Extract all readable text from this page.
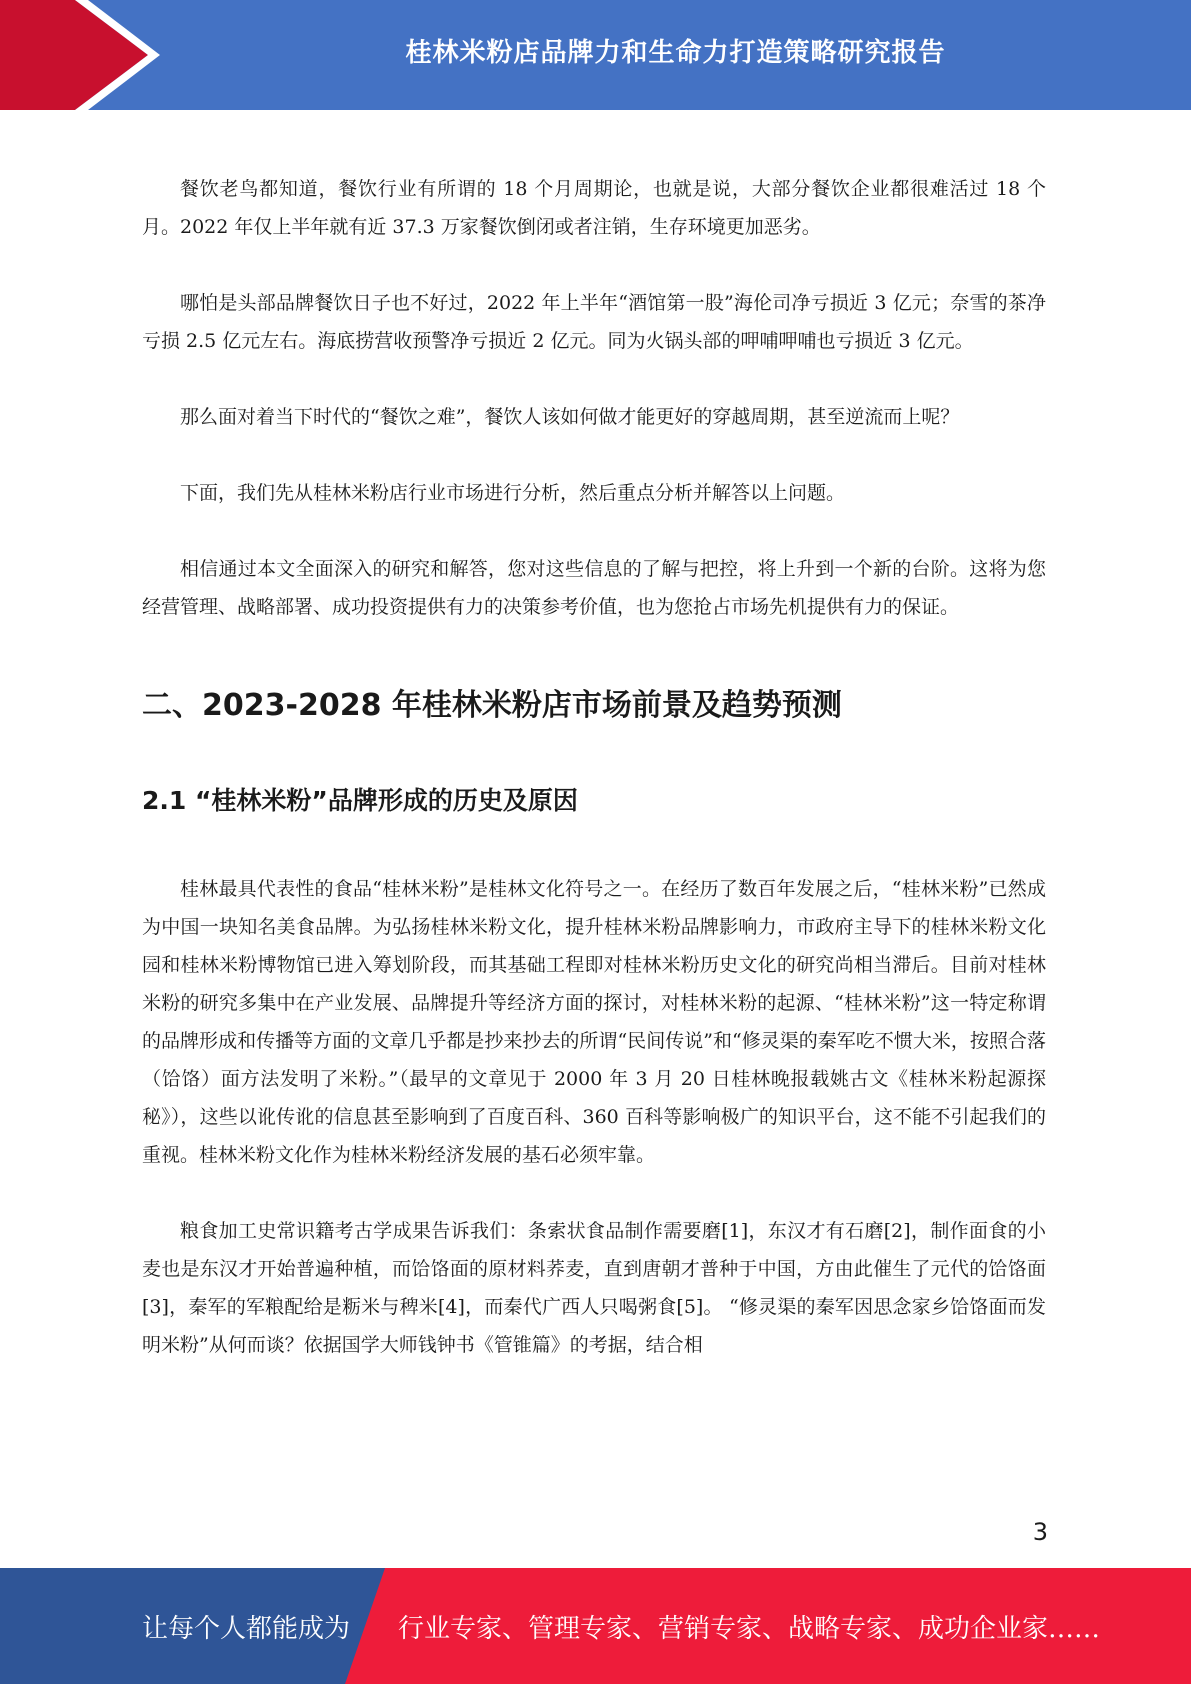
桂林米粉店品牌力和生命力打造策略研究报告

餐饮老鸟都知道，餐饮行业有所谓的 18 个月周期论，也就是说，大部分餐饮企业都很难活过 18 个月。2022 年仅上半年就有近 37.3 万家餐饮倒闭或者注销，生存环境更加恶劣。

哪怕是头部品牌餐饮日子也不好过，2022 年上半年“酒馆第一股”海伦司净亏损近 3 亿元；奈雪的茶净亏损 2.5 亿元左右。海底捞营收预警净亏损近 2 亿元。同为火锅头部的呷哺呷哺也亏损近 3 亿元。

那么面对着当下时代的“餐饮之难”，餐饮人该如何做才能更好的穿越周期，甚至逆流而上呢？

下面，我们先从桂林米粉店行业市场进行分析，然后重点分析并解答以上问题。

相信通过本文全面深入的研究和解答，您对这些信息的了解与把控，将上升到一个新的台阶。这将为您经营管理、战略部署、成功投资提供有力的决策参考价值，也为您抢占市场先机提供有力的保证。

二、2023-2028 年桂林米粉店市场前景及趋势预测
2.1 “桂林米粉”品牌形成的历史及原因

桂林最具代表性的食品“桂林米粉”是桂林文化符号之一。在经历了数百年发展之后，“桂林米粉”已然成为中国一块知名美食品牌。为弘扬桂林米粉文化，提升桂林米粉品牌影响力，市政府主导下的桂林米粉文化园和桂林米粉博物馆已进入筹划阶段，而其基础工程即对桂林米粉历史文化的研究尚相当滞后。目前对桂林米粉的研究多集中在产业发展、品牌提升等经济方面的探讨，对桂林米粉的起源、“桂林米粉”这一特定称谓的品牌形成和传播等方面的文章几乎都是抄来抄去的所谓“民间传说”和“修灵渠的秦军吃不惯大米，按照合落（饸饹）面方法发明了米粉。”（最早的文章见于 2000 年 3 月 20 日桂林晚报载姚古文《桂林米粉起源探秘》），这些以讹传讹的信息甚至影响到了百度百科、360 百科等影响极广的知识平台，这不能不引起我们的重视。桂林米粉文化作为桂林米粉经济发展的基石必须牢靠。

粮食加工史常识籍考古学成果告诉我们：条索状食品制作需要磨[1]，东汉才有石磨[2]，制作面食的小麦也是东汉才开始普遍种植，而饸饹面的原材料荞麦，直到唐朝才普种于中国，方由此催生了元代的饸饹面[3]，秦军的军粮配给是粝米与稗米[4]，而秦代广西人只喝粥食[5]。 “修灵渠的秦军因思念家乡饸饹面而发明米粉”从何而谈？依据国学大师钱钟书《管锥篇》的考据，结合相

3
让每个人都能成为 行业专家、管理专家、营销专家、战略专家、成功企业家……
